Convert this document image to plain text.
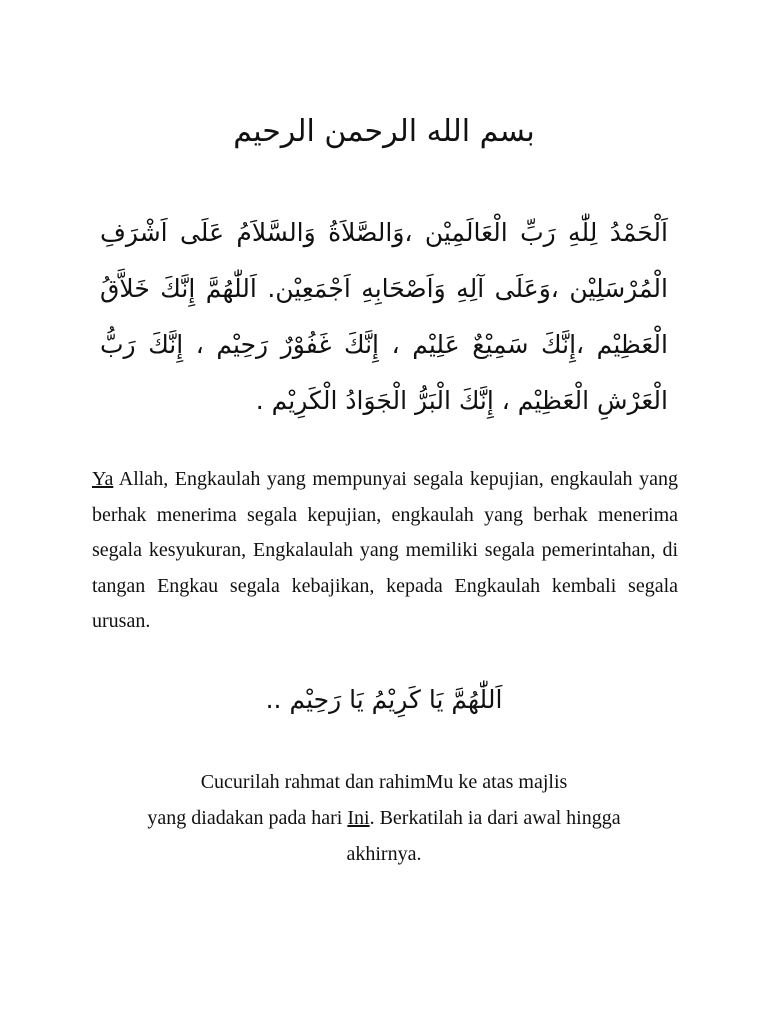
بسم الله الرحمن الرحيم
اَلْحَمْدُ لِلّٰهِ رَبِّ الْعَالَمِيْن ،وَالصَّلاَةُ وَالسَّلاَمُ عَلَى اَشْرَفِ الْمُرْسَلِيْن ،وَعَلَى آلِهِ وَاَصْحَابِهِ اَجْمَعِيْن. اَللّٰهُمَّ إِنَّكَ خَلاَّقُ الْعَظِيْم ،إِنَّكَ سَمِيْعٌ عَلِيْم ، إِنَّكَ غَفُوْرٌ رَحِيْم ، إِنَّكَ رَبُّ الْعَرْشِ الْعَظِيْم ، إِنَّكَ الْبَرُّ الْجَوَادُ الْكَرِيْم .
Ya Allah, Engkaulah yang mempunyai segala kepujian, engkaulah yang berhak menerima segala kepujian, engkaulah yang berhak menerima segala kesyukuran, Engkalaulah yang memiliki segala pemerintahan, di tangan Engkau segala kebajikan, kepada Engkaulah kembali segala urusan.
اَللّٰهُمَّ يَا كَرِيْمُ يَا رَحِيْم ..
Cucurilah rahmat dan rahimMu ke atas majlis
yang diadakan pada hari Ini. Berkatilah ia dari awal hingga
akhirnya.
